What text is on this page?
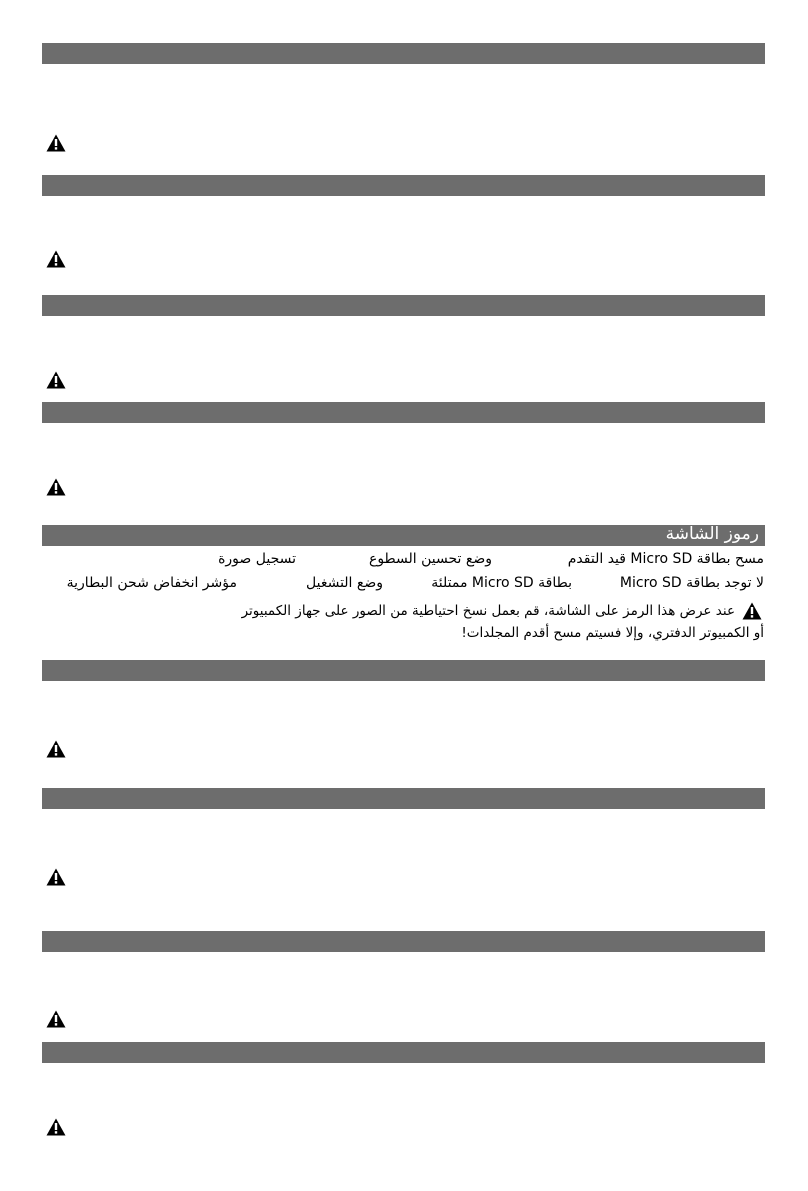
رموز الشاشة
مسح بطاقة Micro SD قيد التقدم
وضع تحسين السطوع
تسجيل صورة
لا توجد بطاقة Micro SD
بطاقة Micro SD ممتلئة
وضع التشغيل
مؤشر انخفاض شحن البطارية
عند عرض هذا الرمز على الشاشة، قم بعمل نسخ احتياطية من الصور على جهاز الكمبيوتر
أو الكمبيوتر الدفتري، وإلا فسيتم مسح أقدم المجلدات!
